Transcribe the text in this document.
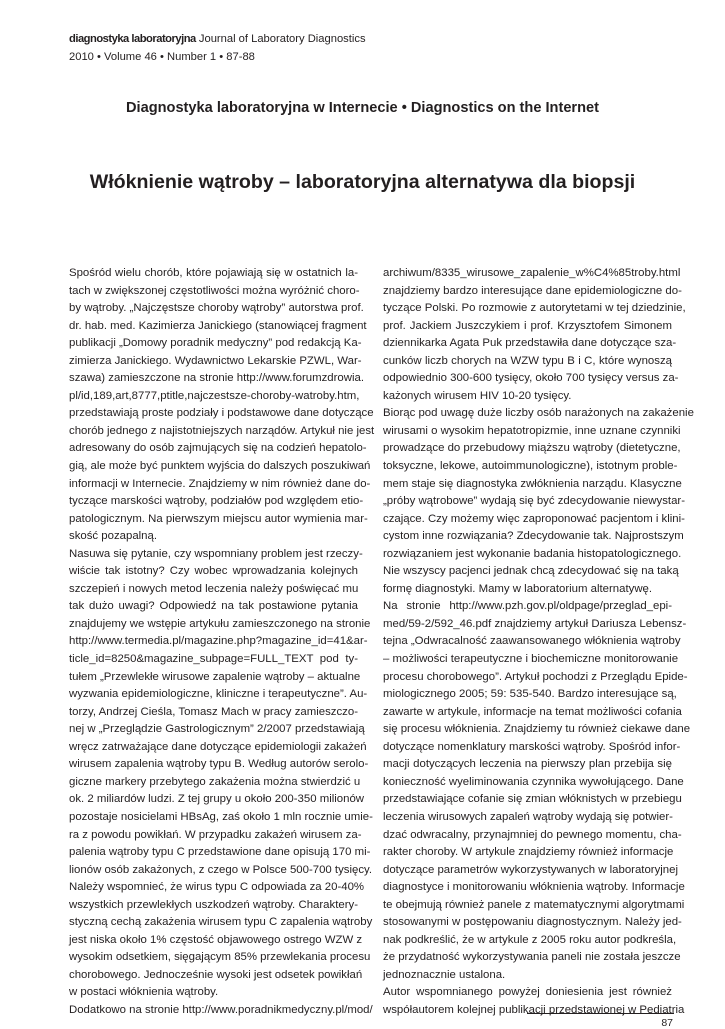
diagnostyka laboratoryjna Journal of Laboratory Diagnostics
2010 • Volume 46 • Number 1 • 87-88
Diagnostyka laboratoryjna w Internecie • Diagnostics on the Internet
Włóknienie wątroby – laboratoryjna alternatywa dla biopsji

Spośród wielu chorób, które pojawiają się w ostatnich la-
tach w zwiększonej częstotliwości można wyróżnić choro-
by wątroby. „Najczęstsze choroby wątroby” autorstwa prof.
dr. hab. med. Kazimierza Janickiego (stanowiącej fragment
publikacji „Domowy poradnik medyczny” pod redakcją Ka-
zimierza Janickiego. Wydawnictwo Lekarskie PZWL, War-
szawa) zamieszczone na stronie http://www.forumzdrowia.
pl/id,189,art,8777,ptitle,najczestsze-choroby-watroby.htm,
przedstawiają proste podziały i podstawowe dane dotyczące
chorób jednego z najistotniejszych narządów. Artykuł nie jest
adresowany do osób zajmujących się na codzień hepatolo-
gią, ale może być punktem wyjścia do dalszych poszukiwań
informacji w Internecie. Znajdziemy w nim również dane do-
tyczące marskości wątroby, podziałów pod względem etio-
patologicznym. Na pierwszym miejscu autor wymienia mar-
skość pozapalną.

Nasuwa się pytanie, czy wspomniany problem jest rzeczy-
wiście tak istotny? Czy wobec wprowadzania kolejnych
szczepień i nowych metod leczenia należy poświęcać mu
tak dużo uwagi? Odpowiedź na tak postawione pytania
znajdujemy we wstępie artykułu zamieszczonego na stronie
http://www.termedia.pl/magazine.php?magazine_id=41&ar-
ticle_id=8250&magazine_subpage=FULL_TEXT pod ty-
tułem „Przewlekłe wirusowe zapalenie wątroby – aktualne
wyzwania epidemiologiczne, kliniczne i terapeutyczne”. Au-
torzy, Andrzej Cieśla, Tomasz Mach w pracy zamieszczo-
nej w „Przeglądzie Gastrologicznym” 2/2007 przedstawiają
wręcz zatrważające dane dotyczące epidemiologii zakażeń
wirusem zapalenia wątroby typu B. Według autorów serolo-
giczne markery przebytego zakażenia można stwierdzić u
ok. 2 miliardów ludzi. Z tej grupy u około 200-350 milionów
pozostaje nosicielami HBsAg, zaś około 1 mln rocznie umie-
ra z powodu powikłań. W przypadku zakażeń wirusem za-
palenia wątroby typu C przedstawione dane opisują 170 mi-
lionów osób zakażonych, z czego w Polsce 500-700 tysięcy.
Należy wspomnieć, że wirus typu C odpowiada za 20-40%
wszystkich przewlekłych uszkodzeń wątroby. Charaktery-
styczną cechą zakażenia wirusem typu C zapalenia wątroby
jest niska około 1% częstość objawowego ostrego WZW z
wysokim odsetkiem, sięgającym 85% przewlekania procesu
chorobowego. Jednocześnie wysoki jest odsetek powikłań
w postaci włóknienia wątroby.

Dodatkowo na stronie http://www.poradnikmedyczny.pl/mod/

archiwum/8335_wirusowe_zapalenie_w%C4%85troby.html
znajdziemy bardzo interesujące dane epidemiologiczne do-
tyczące Polski. Po rozmowie z autorytetami w tej dziedzinie,
prof. Jackiem Juszczykiem i prof. Krzysztofem Simonem
dziennikarka Agata Puk przedstawiła dane dotyczące sza-
cunków liczb chorych na WZW typu B i C, które wynoszą
odpowiednio 300-600 tysięcy, około 700 tysięcy versus za-
każonych wirusem HIV 10-20 tysięcy.

Biorąc pod uwagę duże liczby osób narażonych na zakażenie
wirusami o wysokim hepatotropizmie, inne uznane czynniki
prowadzące do przebudowy miąższu wątroby (dietetyczne,
toksyczne, lekowe, autoimmunologiczne), istotnym proble-
mem staje się diagnostyka zwłóknienia narządu. Klasyczne
„próby wątrobowe” wydają się być zdecydowanie niewystar-
czające. Czy możemy więc zaproponować pacjentom i klini-
cystom inne rozwiązania? Zdecydowanie tak. Najprostszym
rozwiązaniem jest wykonanie badania histopatologicznego.
Nie wszyscy pacjenci jednak chcą zdecydować się na taką
formę diagnostyki. Mamy w laboratorium alternatywę.

Na stronie http://www.pzh.gov.pl/oldpage/przeglad_epi-
med/59-2/592_46.pdf znajdziemy artykuł Dariusza Lebensz-
tejna „Odwracalność zaawansowanego włóknienia wątroby
– możliwości terapeutyczne i biochemiczne monitorowanie
procesu chorobowego”. Artykuł pochodzi z Przeglądu Epide-
miologicznego 2005; 59: 535-540. Bardzo interesujące są,
zawarte w artykule, informacje na temat możliwości cofania
się procesu włóknienia. Znajdziemy tu również ciekawe dane
dotyczące nomenklatury marskości wątroby. Spośród infor-
macji dotyczących leczenia na pierwszy plan przebija się
konieczność wyeliminowania czynnika wywołującego. Dane
przedstawiające cofanie się zmian włóknistych w przebiegu
leczenia wirusowych zapaleń wątroby wydają się potwier-
dzać odwracalny, przynajmniej do pewnego momentu, cha-
rakter choroby. W artykule znajdziemy również informacje
dotyczące parametrów wykorzystywanych w laboratoryjnej
diagnostyce i monitorowaniu włóknienia wątroby. Informacje
te obejmują również panele z matematycznymi algorytmami
stosowanymi w postępowaniu diagnostycznym. Należy jed-
nak podkreślić, że w artykule z 2005 roku autor podkreśla,
że przydatność wykorzystywania paneli nie została jeszcze
jednoznacznie ustalona.

Autor wspomnianego powyżej doniesienia jest również
współautorem kolejnej publikacji przedstawionej w Pediatria

87
